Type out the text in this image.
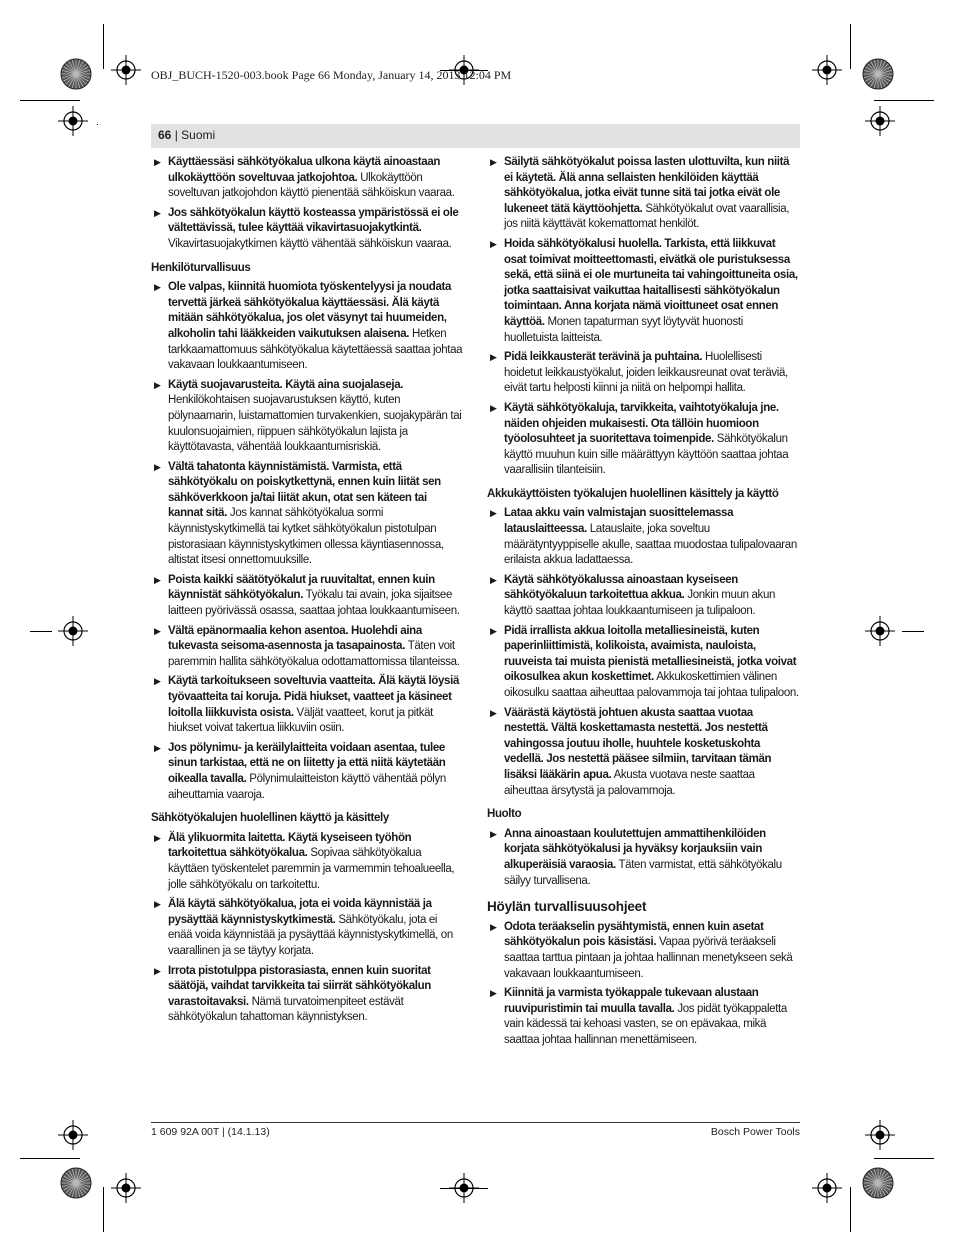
OBJ_BUCH-1520-003.book Page 66 Monday, January 14, 2013 12:04 PM
66 | Suomi
▶ Käyttäessäsi sähkötyökalua ulkona käytä ainoastaan ulkokäyttöön soveltuvaa jatkojohtoa. Ulkokäyttöön soveltuvan jatkojohdon käyttö pienentää sähköiskun vaaraa.
▶ Jos sähkötyökalun käyttö kosteassa ympäristössä ei ole vältettävissä, tulee käyttää vikavirtasuojakytkintä. Vikavirtasuojakytkimen käyttö vähentää sähköiskun vaaraa.
Henkilöturvallisuus
▶ Ole valpas, kiinnitä huomiota työskentelyysi ja noudata tervettä järkeä sähkötyökalua käyttäessäsi. Älä käytä mitään sähkötyökalua, jos olet väsynyt tai huumeiden, alkoholin tahi lääkkeiden vaikutuksen alaisena. Hetken tarkkaamattomuus sähkötyökalua käytettäessä saattaa johtaa vakavaan loukkaantumiseen.
▶ Käytä suojavarusteita. Käytä aina suojalaseja. Henkilökohtaisen suojavarustuksen käyttö, kuten pölynaamarin, luistamattomien turvakenkien, suojakypärän tai kuulonsuojaimien, riippuen sähkötyökalun lajista ja käyttötavasta, vähentää loukkaantumisriskiä.
▶ Vältä tahatonta käynnistämistä. Varmista, että sähkötyökalu on poiskytkettynä, ennen kuin liität sen sähköverkkoon ja/tai liität akun, otat sen käteen tai kannat sitä. Jos kannat sähkötyökalua sormi käynnistyskytkimellä tai kytket sähkötyökalun pistotulpan pistorasiaan käynnistyskytkimen ollessa käyntiasennossa, altistat itsesi onnettomuuksille.
▶ Poista kaikki säätötyökalut ja ruuvitaltat, ennen kuin käynnistät sähkötyökalun. Työkalu tai avain, joka sijaitsee laitteen pyörivässä osassa, saattaa johtaa loukkaantumiseen.
▶ Vältä epänormaalia kehon asentoa. Huolehdi aina tukevasta seisoma-asennosta ja tasapainosta. Täten voit paremmin hallita sähkötyökalua odottamattomissa tilanteissa.
▶ Käytä tarkoitukseen soveltuvia vaatteita. Älä käytä löysiä työvaatteita tai koruja. Pidä hiukset, vaatteet ja käsineet loitolla liikkuvista osista. Väljät vaatteet, korut ja pitkät hiukset voivat takertua liikkuviin osiin.
▶ Jos pölynimu- ja keräilylaitteita voidaan asentaa, tulee sinun tarkistaa, että ne on liitetty ja että niitä käytetään oikealla tavalla. Pölynimulaitteiston käyttö vähentää pölyn aiheuttamia vaaroja.
Sähkötyökalujen huolellinen käyttö ja käsittely
▶ Älä ylikuormita laitetta. Käytä kyseiseen työhön tarkoitettua sähkötyökalua. Sopivaa sähkötyökalua käyttäen työskentelet paremmin ja varmemmin tehoalueella, jolle sähkötyökalu on tarkoitettu.
▶ Älä käytä sähkötyökalua, jota ei voida käynnistää ja pysäyttää käynnistyskytkimestä. Sähkötyökalu, jota ei enää voida käynnistää ja pysäyttää käynnistyskytkimellä, on vaarallinen ja se täytyy korjata.
▶ Irrota pistotulppa pistorasiasta, ennen kuin suoritat säätöjä, vaihdat tarvikkeita tai siirrät sähkötyökalun varastoitavaksi. Nämä turvatoimenpiteet estävät sähkötyökalun tahattoman käynnistyksen.
▶ Säilytä sähkötyökalut poissa lasten ulottuvilta, kun niitä ei käytetä. Älä anna sellaisten henkilöiden käyttää sähkötyökalua, jotka eivät tunne sitä tai jotka eivät ole lukeneet tätä käyttöohjetta. Sähkötyökalut ovat vaarallisia, jos niitä käyttävät kokemattomat henkilöt.
▶ Hoida sähkötyökalusi huolella. Tarkista, että liikkuvat osat toimivat moitteettomasti, eivätkä ole puristuksessa sekä, että siinä ei ole murtuneita tai vahingoittuneita osia, jotka saattaisivat vaikuttaa haitallisesti sähkötyökalun toimintaan. Anna korjata nämä vioittuneet osat ennen käyttöä. Monen tapaturman syyt löytyvät huonosti huolletuista laitteista.
▶ Pidä leikkausterät terävinä ja puhtaina. Huolellisesti hoidetut leikkaustyökalut, joiden leikkausreunat ovat teräviä, eivät tartu helposti kiinni ja niitä on helpompi hallita.
▶ Käytä sähkötyökaluja, tarvikkeita, vaihtotyökaluja jne. näiden ohjeiden mukaisesti. Ota tällöin huomioon työolosuhteet ja suoritettava toimenpide. Sähkötyökalun käyttö muuhun kuin sille määrättyyn käyttöön saattaa johtaa vaarallisiin tilanteisiin.
Akkukäyttöisten työkalujen huolellinen käsittely ja käyttö
▶ Lataa akku vain valmistajan suosittelemassa latauslaitteessa. Latauslaite, joka soveltuu määrätyntyyppiselle akulle, saattaa muodostaa tulipalovaaran erilaista akkua ladattaessa.
▶ Käytä sähkötyökalussa ainoastaan kyseiseen sähkötyökaluun tarkoitettua akkua. Jonkin muun akun käyttö saattaa johtaa loukkaantumiseen ja tulipaloon.
▶ Pidä irrallista akkua loitolla metalliesineistä, kuten paperinliittimistä, kolikoista, avaimista, nauloista, ruuveista tai muista pienistä metalliesineistä, jotka voivat oikosulkea akun koskettimet. Akkukoskettimien välinen oikosulku saattaa aiheuttaa palovammoja tai johtaa tulipaloon.
▶ Väärästä käytöstä johtuen akusta saattaa vuotaa nestettä. Vältä koskettamasta nestettä. Jos nestettä vahingossa joutuu iholle, huuhtele kosketuskohta vedellä. Jos nestettä pääsee silmiin, tarvitaan tämän lisäksi lääkärin apua. Akusta vuotava neste saattaa aiheuttaa ärsytystä ja palovammoja.
Huolto
▶ Anna ainoastaan koulutettujen ammattihenkilöiden korjata sähkötyökalusi ja hyväksy korjauksiin vain alkuperäisiä varaosia. Täten varmistat, että sähkötyökalu säilyy turvallisena.
Höylän turvallisuusohjeet
▶ Odota teräakselin pysähtymistä, ennen kuin asetat sähkötyökalun pois käsistäsi. Vapaa pyörivä teräakseli saattaa tarttua pintaan ja johtaa hallinnan menetykseen sekä vakavaan loukkaantumiseen.
▶ Kiinnitä ja varmista työkappale tukevaan alustaan ruuvipuristimin tai muulla tavalla. Jos pidät työkappaletta vain kädessä tai kehoasi vasten, se on epävakaa, mikä saattaa johtaa hallinnan menettämiseen.
1 609 92A 00T | (14.1.13)	Bosch Power Tools
